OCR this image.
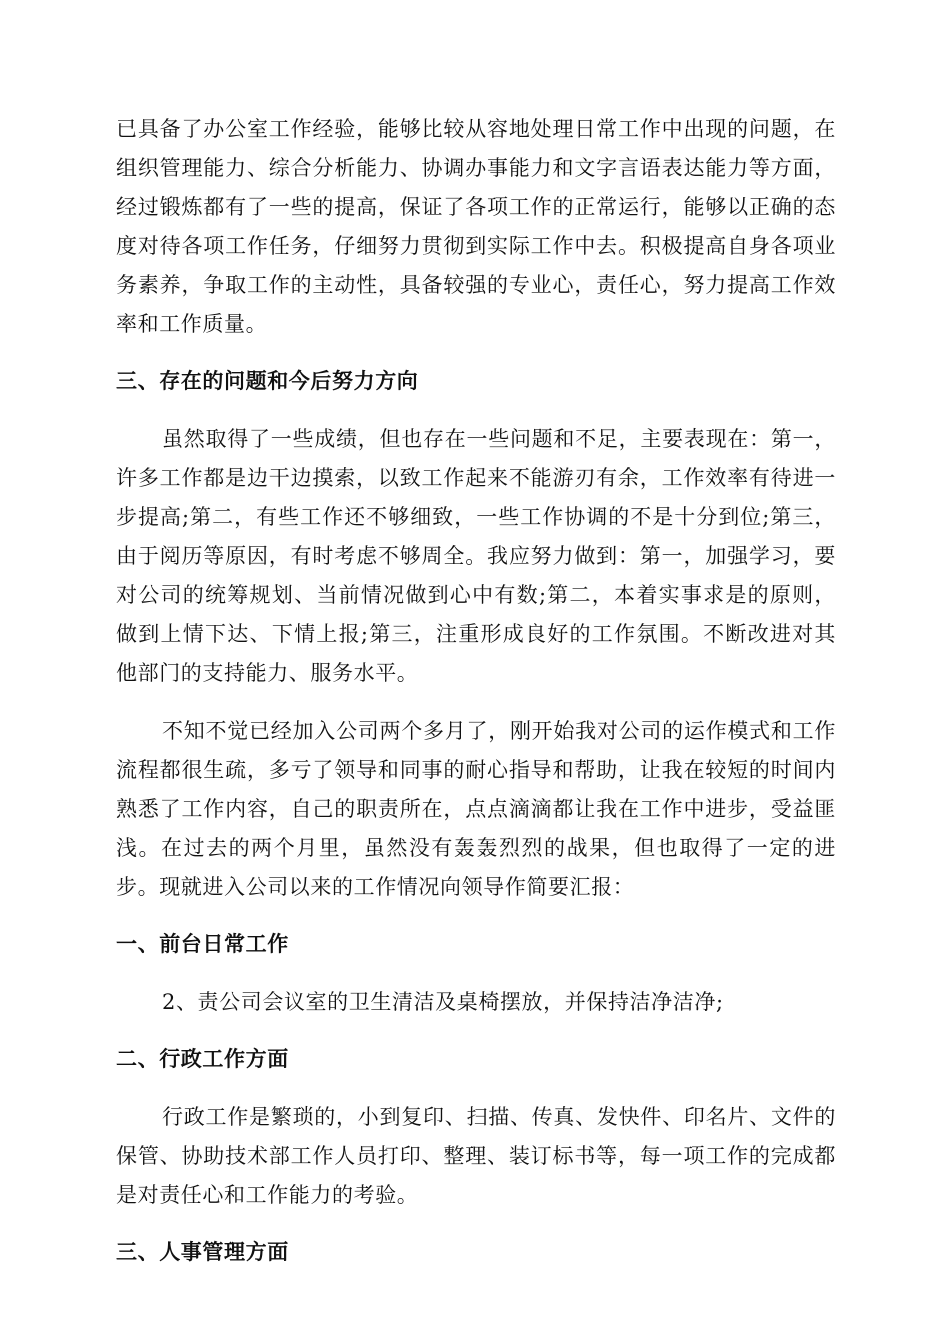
已具备了办公室工作经验，能够比较从容地处理日常工作中出现的问题，在组织管理能力、综合分析能力、协调办事能力和文字言语表达能力等方面，经过锻炼都有了一些的提高，保证了各项工作的正常运行，能够以正确的态度对待各项工作任务，仔细努力贯彻到实际工作中去。积极提高自身各项业务素养，争取工作的主动性，具备较强的专业心，责任心，努力提高工作效率和工作质量。

三、存在的问题和今后努力方向

虽然取得了一些成绩，但也存在一些问题和不足，主要表现在：第一，许多工作都是边干边摸索，以致工作起来不能游刃有余，工作效率有待进一步提高;第二，有些工作还不够细致，一些工作协调的不是十分到位;第三，由于阅历等原因，有时考虑不够周全。我应努力做到：第一，加强学习，要对公司的统筹规划、当前情况做到心中有数;第二，本着实事求是的原则，做到上情下达、下情上报;第三，注重形成良好的工作氛围。不断改进对其他部门的支持能力、服务水平。

不知不觉已经加入公司两个多月了，刚开始我对公司的运作模式和工作流程都很生疏，多亏了领导和同事的耐心指导和帮助，让我在较短的时间内熟悉了工作内容，自己的职责所在，点点滴滴都让我在工作中进步，受益匪浅。在过去的两个月里，虽然没有轰轰烈烈的战果，但也取得了一定的进步。现就进入公司以来的工作情况向领导作简要汇报：

一、前台日常工作

2、责公司会议室的卫生清洁及桌椅摆放，并保持洁净洁净;

二、行政工作方面

行政工作是繁琐的，小到复印、扫描、传真、发快件、印名片、文件的保管、协助技术部工作人员打印、整理、装订标书等，每一项工作的完成都是对责任心和工作能力的考验。

三、人事管理方面
